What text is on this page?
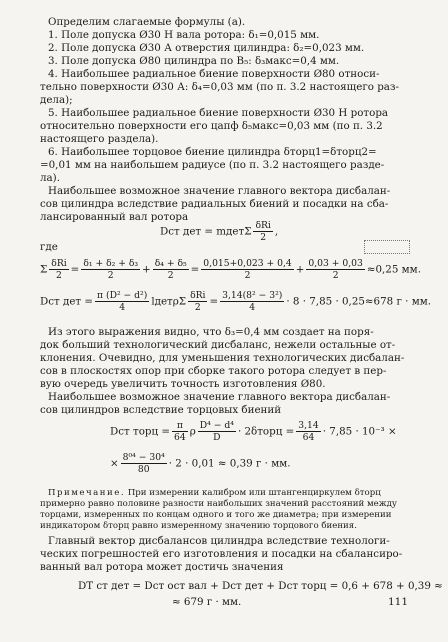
Определим слагаемые формулы (а).
1. Поле допуска Ø30 Н вала ротора: δ₁=0,015 мм.
2. Поле допуска Ø30 А отверстия цилиндра: δ₂=0,023 мм.
3. Поле допуска Ø80 цилиндра по B₅: δ₃макс=0,4 мм.
4. Наибольшее радиальное биение поверхности Ø80 относи-
тельно поверхности Ø30 А: δ₄=0,03 мм (по п. 3.2 настоящего раз-
дела);
5. Наибольшее радиальное биение поверхности Ø30 Н ротора
относительно поверхности его цапф δ₅макс=0,03 мм (по п. 3.2
настоящего раздела).
6. Наибольшее торцовое биение цилиндра δторц1=δторц2=
=0,01 мм на наибольшем радиусе (по п. 3.2 настоящего разде-
ла).
Наибольшее возможное значение главного вектора дисбалан-
сов цилиндра вследствие радиальных биений и посадки на сба-
лансированный вал ротора
Dст дет = mдетΣ $\frac{\text{δRi}}{2}$ ,
где
Σ $\frac{\text{δRi}}{2} = \frac{\text{δ₁ + δ₂ + δ₃}}{2} + \frac{\text{δ₄ + δ₅}}{2} = \frac{0,015+0,023 + 0,4}{2} + \frac{0,03 + 0,03}{2} \approx 0,25$ мм.
Dст дет = $\frac{\text{π (D² − d²)}}{4}$ lдетρΣ $\frac{\text{δRi}}{2} = \frac{\text{3,14(8² − 3²)}}{4} \cdot 8 \cdot 7,85 \cdot 0,25\approx 678$ г · мм.
Из этого выражения видно, что δ₃=0,4 мм создает на поря-
док больший технологический дисбаланс, нежели остальные от-
клонения. Очевидно, для уменьшения технологических дисбалан-
сов в плоскостях опор при сборке такого ротора следует в пер-
вую очередь увеличить точность изготовления Ø80.
Наибольшее возможное значение главного вектора дисбалан-
сов цилиндров вследствие торцовых биений
Dст торц = $\frac{\pi}{64}$ ρ $\frac{\text{D⁴ − d⁴}}{D}$ · 2δторц = $\frac{3,14}{64} \cdot 7,85 \cdot 10^{-3}$ ×
× $\frac{\text{8⁰⁴ − 30⁴}}{80} \cdot 2 \cdot 0,01 \approx 0,39$ г · мм.
Примечание. При измерении калибром или штангенциркулем δторц
примерно равно половине разности наибольших значений расстояний между
торцами, измеренных по концам одного и того же диаметра; при измерении
индикатором δторц равно измеренному значению торцового биения.
Главный вектор дисбалансов цилиндра вследствие технологи-
ческих погрешностей его изготовления и посадки на сбалансиро-
ванный вал ротора может достичь значения
DТ ст дет = Dст ост вал + Dст дет + Dст торц = 0,6 + 678 + 0,39 ≈
≈ 679 г · мм.	111
